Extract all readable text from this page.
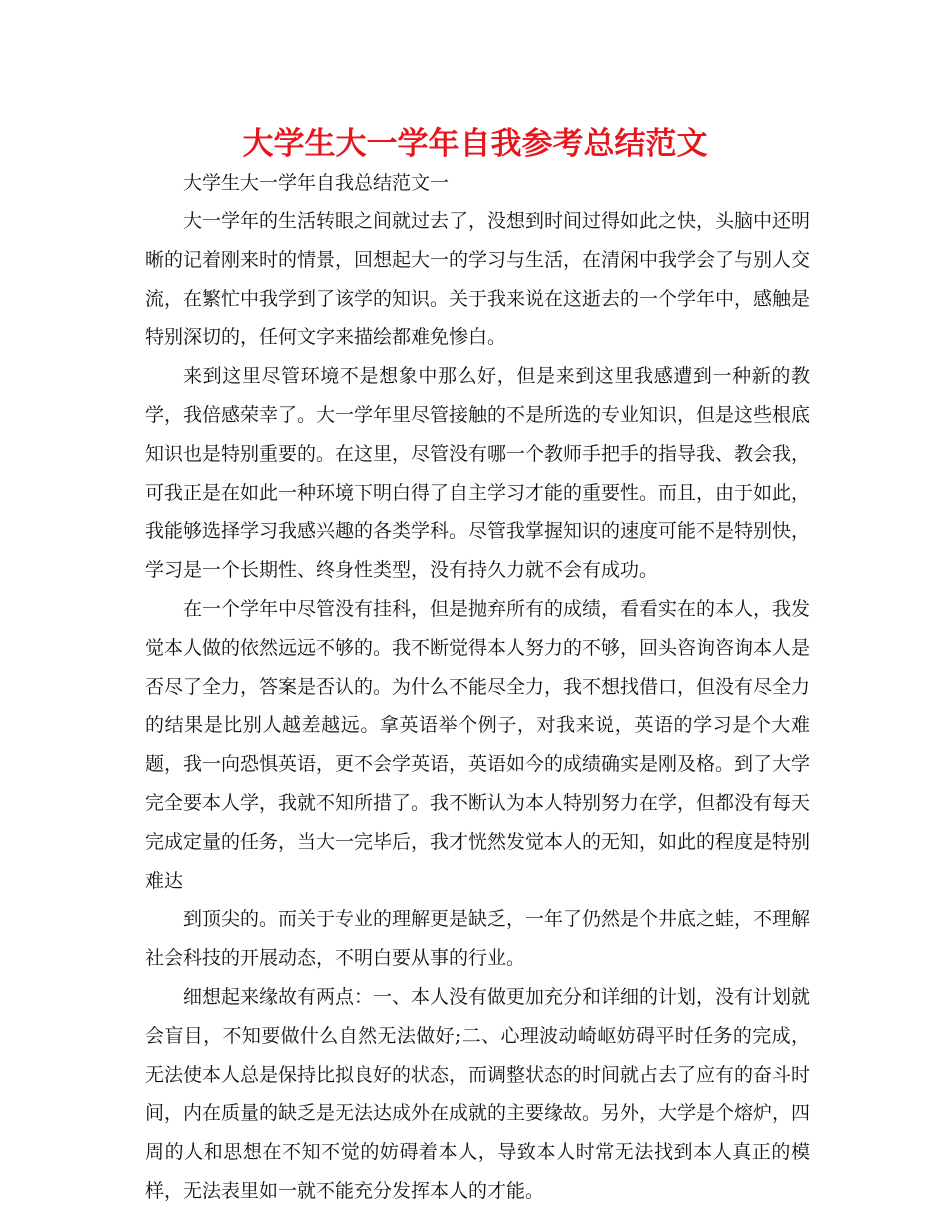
大学生大一学年自我参考总结范文

大学生大一学年自我总结范文一

大一学年的生活转眼之间就过去了，没想到时间过得如此之快，头脑中还明晰的记着刚来时的情景，回想起大一的学习与生活，在清闲中我学会了与别人交流，在繁忙中我学到了该学的知识。关于我来说在这逝去的一个学年中，感触是特别深切的，任何文字来描绘都难免惨白。

来到这里尽管环境不是想象中那么好，但是来到这里我感遭到一种新的教学，我倍感荣幸了。大一学年里尽管接触的不是所选的专业知识，但是这些根底知识也是特别重要的。在这里，尽管没有哪一个教师手把手的指导我、教会我，可我正是在如此一种环境下明白得了自主学习才能的重要性。而且，由于如此，我能够选择学习我感兴趣的各类学科。尽管我掌握知识的速度可能不是特别快，学习是一个长期性、终身性类型，没有持久力就不会有成功。

在一个学年中尽管没有挂科，但是抛弃所有的成绩，看看实在的本人，我发觉本人做的依然远远不够的。我不断觉得本人努力的不够，回头咨询咨询本人是否尽了全力，答案是否认的。为什么不能尽全力，我不想找借口，但没有尽全力的结果是比别人越差越远。拿英语举个例子，对我来说，英语的学习是个大难题，我一向恐惧英语，更不会学英语，英语如今的成绩确实是刚及格。到了大学完全要本人学，我就不知所措了。我不断认为本人特别努力在学，但都没有每天完成定量的任务，当大一完毕后，我才恍然发觉本人的无知，如此的程度是特别难达

到顶尖的。而关于专业的理解更是缺乏，一年了仍然是个井底之蛙，不理解社会科技的开展动态，不明白要从事的行业。

细想起来缘故有两点：一、本人没有做更加充分和详细的计划，没有计划就会盲目，不知要做什么自然无法做好;二、心理波动崎岖妨碍平时任务的完成，无法使本人总是保持比拟良好的状态，而调整状态的时间就占去了应有的奋斗时间，内在质量的缺乏是无法达成外在成就的主要缘故。另外，大学是个熔炉，四周的人和思想在不知不觉的妨碍着本人，导致本人时常无法找到本人真正的模样，无法表里如一就不能充分发挥本人的才能。
